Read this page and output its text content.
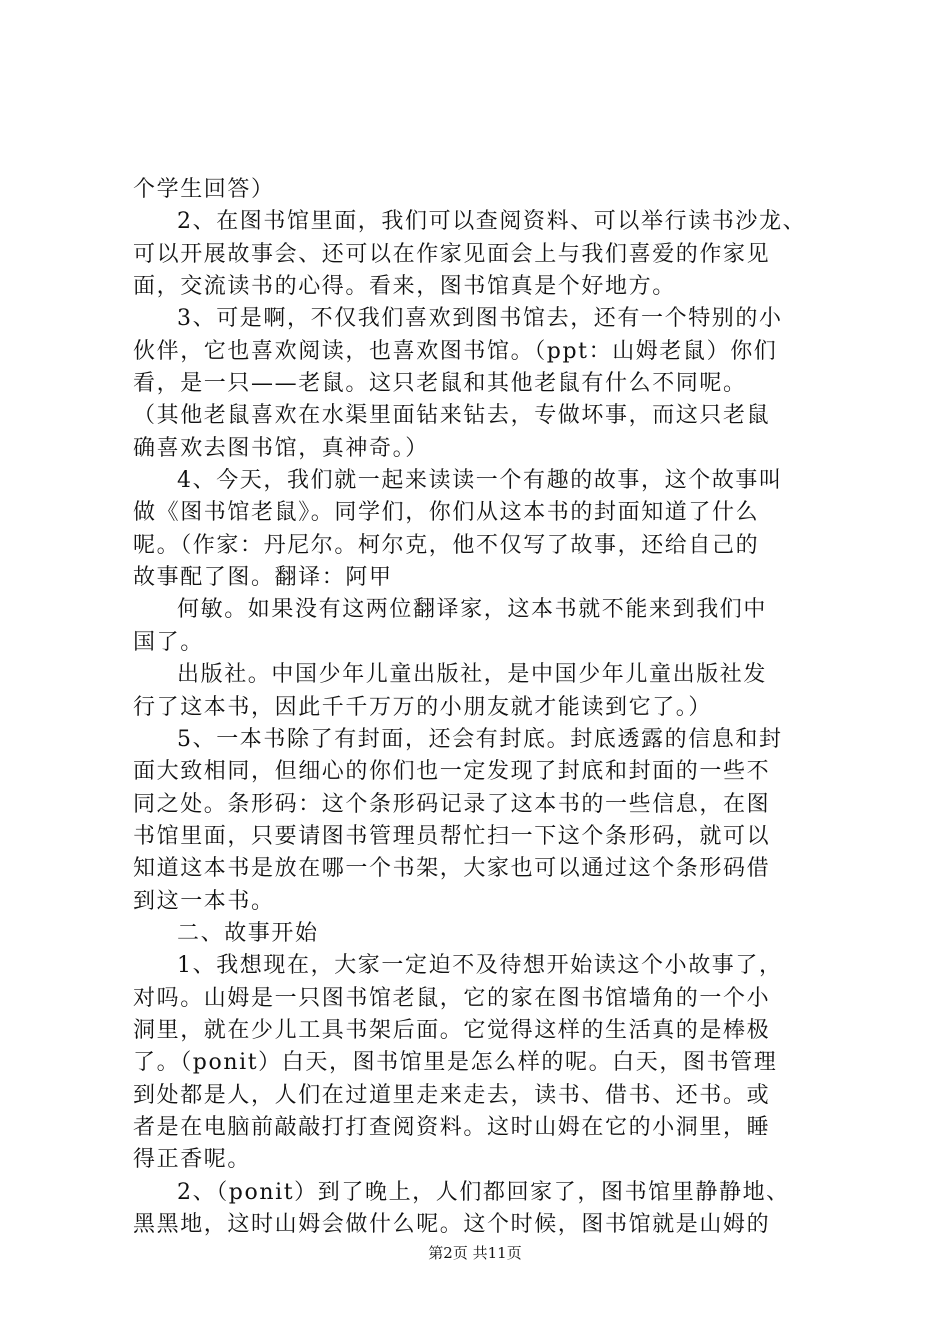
个学生回答）
2、在图书馆里面，我们可以查阅资料、可以举行读书沙龙、
可以开展故事会、还可以在作家见面会上与我们喜爱的作家见
面，交流读书的心得。看来，图书馆真是个好地方。
3、可是啊，不仅我们喜欢到图书馆去，还有一个特别的小
伙伴，它也喜欢阅读，也喜欢图书馆。（ppt：山姆老鼠）你们
看，是一只——老鼠。这只老鼠和其他老鼠有什么不同呢。
（其他老鼠喜欢在水渠里面钻来钻去，专做坏事，而这只老鼠
确喜欢去图书馆，真神奇。）
4、今天，我们就一起来读读一个有趣的故事，这个故事叫
做《图书馆老鼠》。同学们，你们从这本书的封面知道了什么
呢。（作家：丹尼尔。柯尔克，他不仅写了故事，还给自己的
故事配了图。翻译：阿甲
何敏。如果没有这两位翻译家，这本书就不能来到我们中
国了。
出版社。中国少年儿童出版社，是中国少年儿童出版社发
行了这本书，因此千千万万的小朋友就才能读到它了。）
5、一本书除了有封面，还会有封底。封底透露的信息和封
面大致相同，但细心的你们也一定发现了封底和封面的一些不
同之处。条形码：这个条形码记录了这本书的一些信息，在图
书馆里面，只要请图书管理员帮忙扫一下这个条形码，就可以
知道这本书是放在哪一个书架，大家也可以通过这个条形码借
到这一本书。
二、故事开始
1、我想现在，大家一定迫不及待想开始读这个小故事了，
对吗。山姆是一只图书馆老鼠，它的家在图书馆墙角的一个小
洞里，就在少儿工具书架后面。它觉得这样的生活真的是棒极
了。（ponit）白天，图书馆里是怎么样的呢。白天，图书管理
到处都是人，人们在过道里走来走去，读书、借书、还书。或
者是在电脑前敲敲打打查阅资料。这时山姆在它的小洞里，睡
得正香呢。
2、（ponit）到了晚上，人们都回家了，图书馆里静静地、
黑黑地，这时山姆会做什么呢。这个时候，图书馆就是山姆的
第2页 共11页
